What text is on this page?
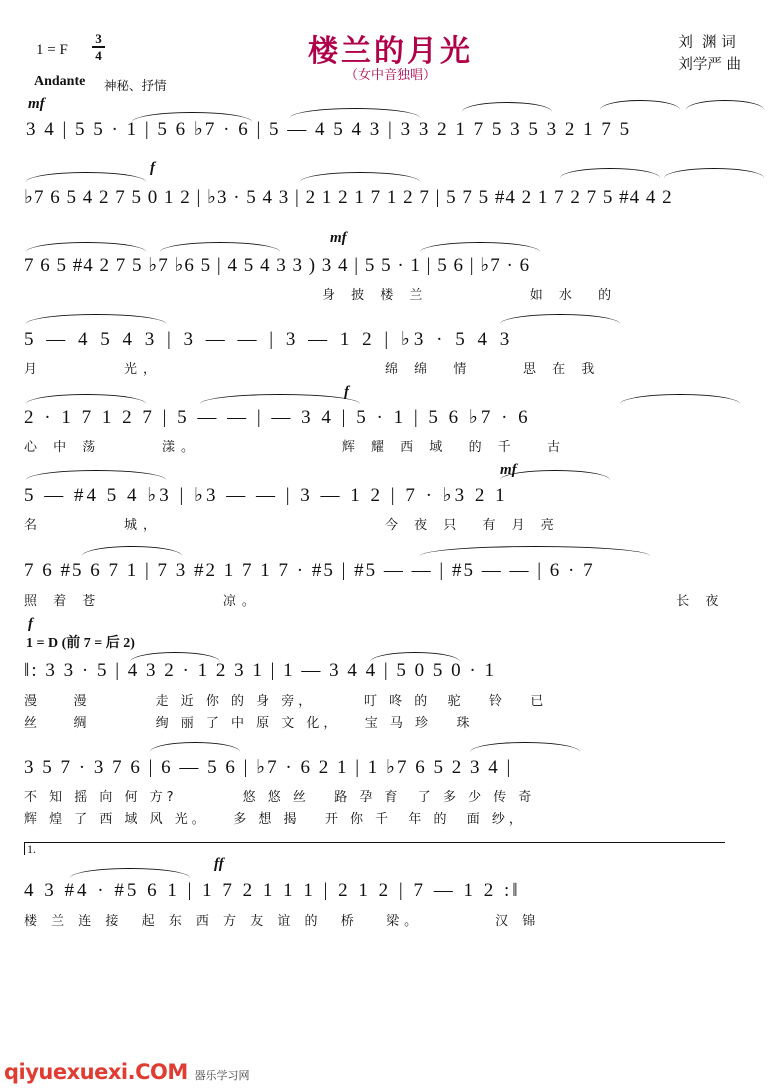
1 = F
3
4
Andante 神秘、抒情
楼兰的月光
（女中音独唱）
刘  渊 词
刘学严 曲
mf
3 4 | 5 5 · 1 | 5 6 ♭7 · 6 | 5 — 4 5 4 3 | 3 3 2 1 7 5 3 5 3 2 1 7 5
f
♭7 6 5 4 2 7 5 0 1 2 | ♭3 · 5 4 3 | 2 1 2 1 7 1 2 7 | 5 7 5 #4 2 1 7 2 7 5 #4 4 2
mf
7 6 5 #4 2 7 5 ♭7 ♭6 5 | 4 5 4 3 3 ) 3 4 | 5 5 · 1 | 5 6 | ♭7 · 6
身 披 楼 兰          如 水  的
5 — 4 5 4 3 | 3 — — | 3 — 1 2 | ♭3 · 5 4 3
月        光，                      绵 绵  情     思 在 我
f
2 · 1 7 1 2 7 | 5 — — | — 3 4 | 5 · 1 | 5 6 ♭7 · 6
心 中 荡      漾。              辉 耀 西 域  的 千   古
mf
5 — #4 5 4 ♭3 | ♭3 — — | 3 — 1 2 | 7 · ♭3 2 1
名        城，                      今 夜 只  有 月 亮
7 6 #5 6 7 1 | 7 3 #2 1 7 1 7 · #5 | #5 — — | #5 — — | 6 · 7
照 着 苍            凉。                                         长 夜
f
1 = D (前 7 = 后 2)
‖: 3 3 · 5 | 4 3 2 · 1 2 3 1 | 1 — 3 4 4 | 5 0 5 0 · 1
漫    漫        走 近 你 的 身 旁，      叮 咚 的  驼   铃   已
丝    绸        绚 丽 了 中 原 文 化，   宝 马 珍   珠
3 5 7 · 3 7 6 | 6 — 5 6 | ♭7 · 6 2 1 | 1 ♭7 6 5 2 3 4 |
不 知 摇 向 何 方?        悠 悠 丝   路 孕 育  了 多 少 传 奇
辉 煌 了 西 域 风 光。   多 想 揭   开 你 千  年 的  面 纱，
1.
ff
4 3 #4 · #5 6 1 | 1 7 2 1 1 1 | 2 1 2 | 7 — 1 2 :‖
楼 兰 连 接  起 东 西 方 友 谊 的  桥   梁。        汉 锦
qiyuexuexi.COM 器乐学习网
